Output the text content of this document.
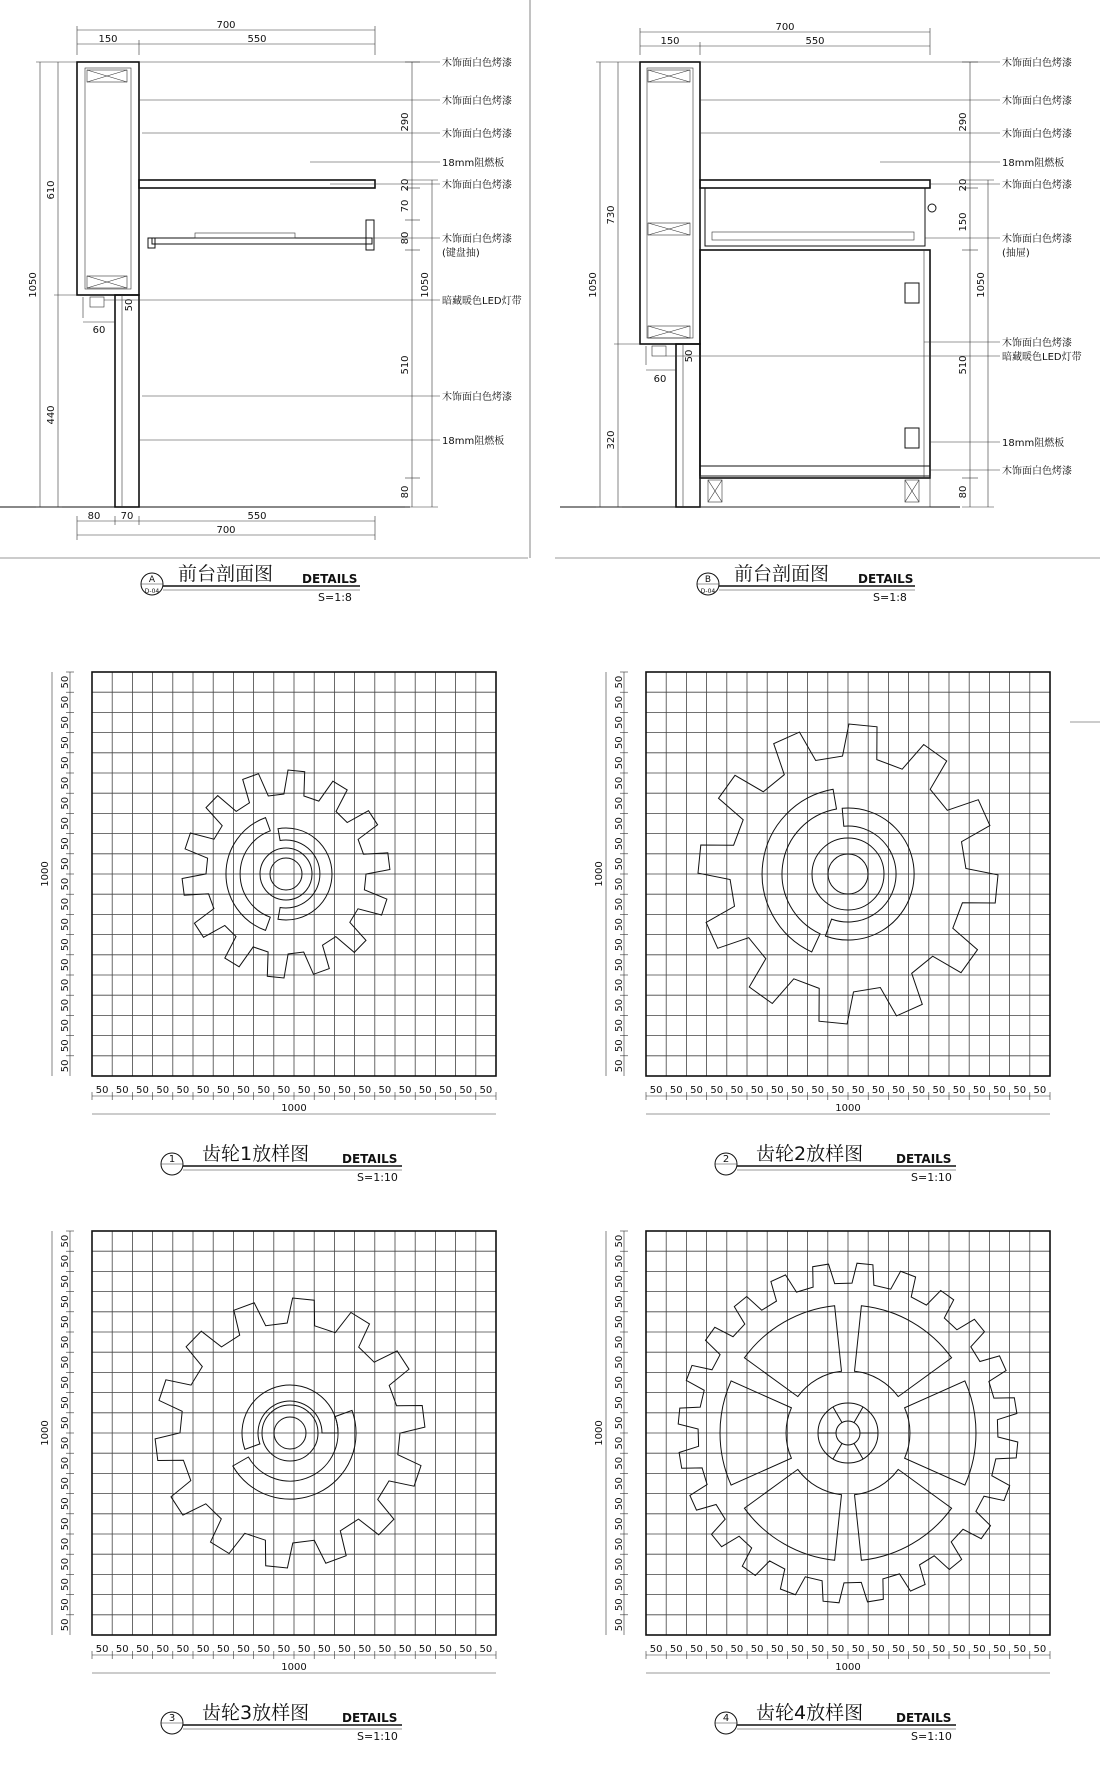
700
150	550
1050
610
440
290
20
70
80
510
80
1050
80 70	550
700
60
50
木饰面白色烤漆
木饰面白色烤漆
木饰面白色烤漆
18mm阻燃板
木饰面白色烤漆
木饰面白色烤漆
(键盘抽)
暗藏暖色LED灯带
木饰面白色烤漆
18mm阻燃板
A
D-04
前台剖面图 DETAILS
S=1:8
700
150	550
1050
730
320
290
20
150
1050
510
80
60
50
木饰面白色烤漆
木饰面白色烤漆
木饰面白色烤漆
18mm阻燃板
木饰面白色烤漆
木饰面白色烤漆
(抽屉)
木饰面白色烤漆
暗藏暖色LED灯带
18mm阻燃板
木饰面白色烤漆
B
D-04
前台剖面图 DETAILS
S=1:8
50
50
50
50
50
50
50
50
50
50
50
50
50
50
50
50
50
50
50
50
1000
50 50 50 50 50 50 50 50 50 50 50 50 50 50 50 50 50 50 50 50
1000
1 齿轮1放样图	DETAILS
S=1:10
50
50
50
50
50
50
50
50
50
50
50
50
50
50
50
50
50
50
50
50
1000
50 50 50 50 50 50 50 50 50 50 50 50 50 50 50 50 50 50 50 50
1000
2 齿轮2放样图	DETAILS
S=1:10
50
50
50
50
50
50
50
50
50
50
50
50
50
50
50
50
50
50
50
50
1000
50 50 50 50 50 50 50 50 50 50 50 50 50 50 50 50 50 50 50 50
1000
3 齿轮3放样图	DETAILS
S=1:10
50
50
50
50
50
50
50
50
50
50
50
50
50
50
50
50
50
50
50
50
1000
50 50 50 50 50 50 50 50 50 50 50 50 50 50 50 50 50 50 50 50
1000
4 齿轮4放样图	DETAILS
S=1:10
